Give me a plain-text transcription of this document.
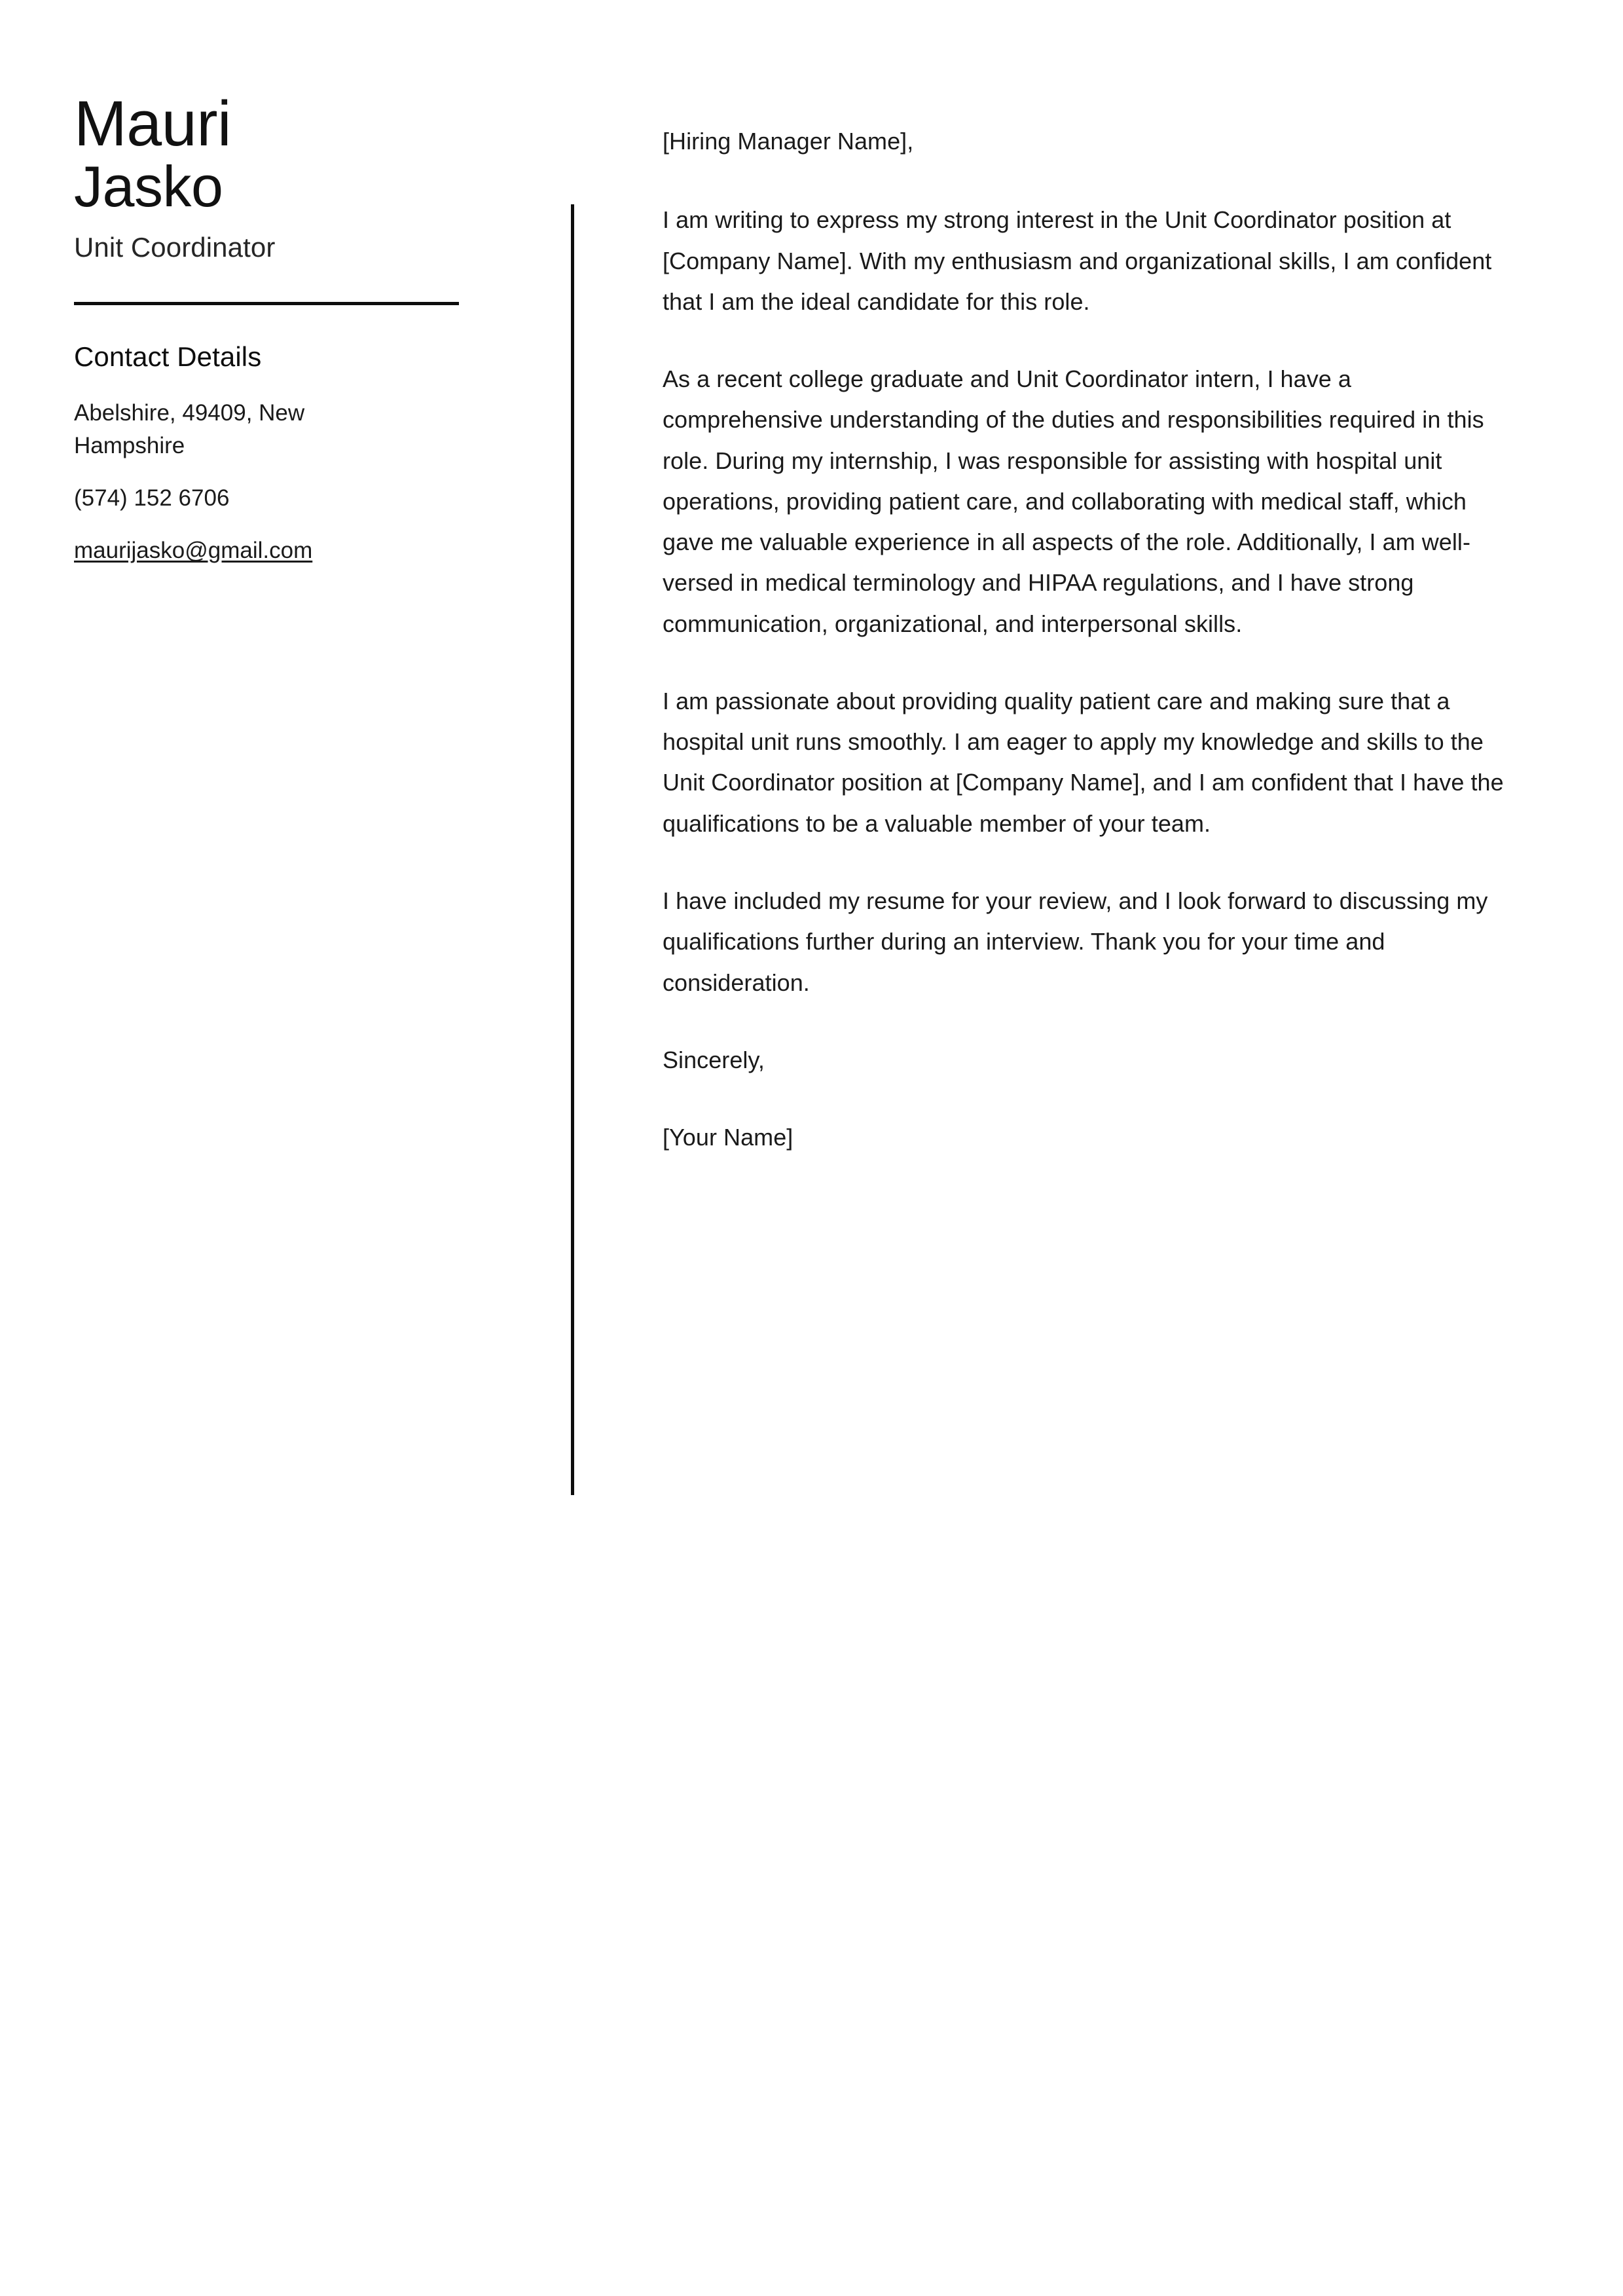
Mauri
Jasko
Unit Coordinator
Contact Details
Abelshire, 49409, New Hampshire
(574) 152 6706
maurijasko@gmail.com

[Hiring Manager Name],

I am writing to express my strong interest in the Unit Coordinator position at [Company Name]. With my enthusiasm and organizational skills, I am confident that I am the ideal candidate for this role.

As a recent college graduate and Unit Coordinator intern, I have a comprehensive understanding of the duties and responsibilities required in this role. During my internship, I was responsible for assisting with hospital unit operations, providing patient care, and collaborating with medical staff, which gave me valuable experience in all aspects of the role. Additionally, I am well-versed in medical terminology and HIPAA regulations, and I have strong communication, organizational, and interpersonal skills.

I am passionate about providing quality patient care and making sure that a hospital unit runs smoothly. I am eager to apply my knowledge and skills to the Unit Coordinator position at [Company Name], and I am confident that I have the qualifications to be a valuable member of your team.

I have included my resume for your review, and I look forward to discussing my qualifications further during an interview. Thank you for your time and consideration.

Sincerely,

[Your Name]
